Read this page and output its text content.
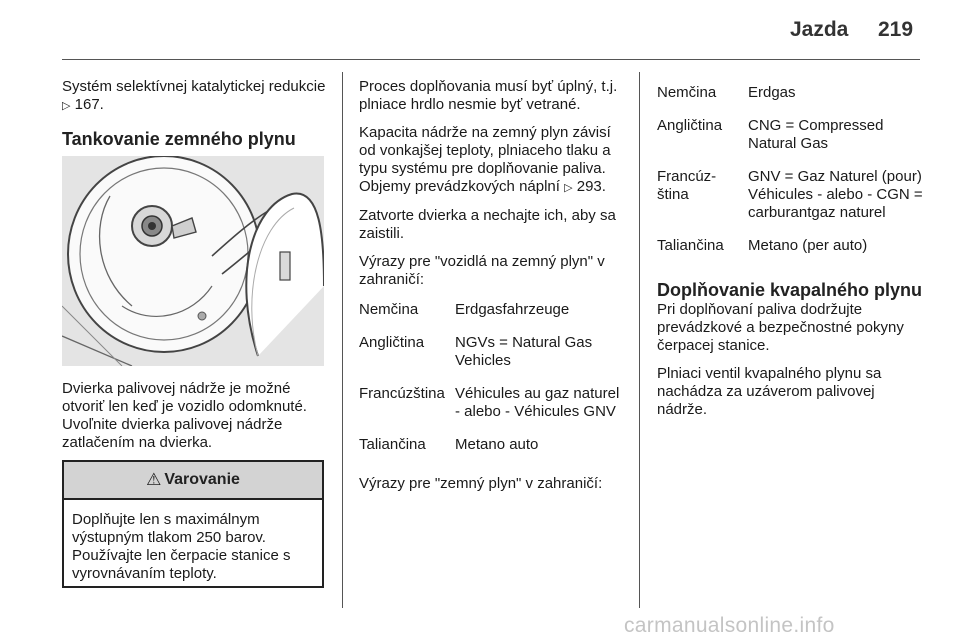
Jazda 219

Systém selektívnej katalytickej redukcie ▷ 167.

Tankovanie zemného plynu

Dvierka palivovej nádrže je možné otvoriť len keď je vozidlo odomknuté. Uvoľnite dvierka palivovej nádrže zatlačením na dvierka.

⚠ Varovanie
Doplňujte len s maximálnym výstupným tlakom 250 barov. Používajte len čerpacie stanice s vyrovnávaním teploty.

Proces doplňovania musí byť úplný, t.j. plniace hrdlo nesmie byť vetrané.

Kapacita nádrže na zemný plyn závisí od vonkajšej teploty, plniaceho tlaku a typu systému pre doplňovanie paliva. Objemy prevádzkových náplní ▷ 293.

Zatvorte dvierka a nechajte ich, aby sa zaistili.

Výrazy pre "vozidlá na zemný plyn" v zahraničí:

Nemčina	Erdgasfahrzeuge
Angličtina	NGVs = Natural Gas Vehicles
Francúzština	Véhicules au gaz naturel - alebo - Véhicules GNV
Taliančina	Metano auto

Výrazy pre "zemný plyn" v zahraničí:

Nemčina	Erdgas
Angličtina	CNG = Compressed Natural Gas
Francúz-ština	GNV = Gaz Naturel (pour) Véhicules - alebo - CGN = carburantgaz naturel
Taliančina	Metano (per auto)
Doplňovanie kvapalného plynu

Pri doplňovaní paliva dodržujte prevádzkové a bezpečnostné pokyny čerpacej stanice.

Plniaci ventil kvapalného plynu sa nachádza za uzáverom palivovej nádrže.

carmanualsonline.info
